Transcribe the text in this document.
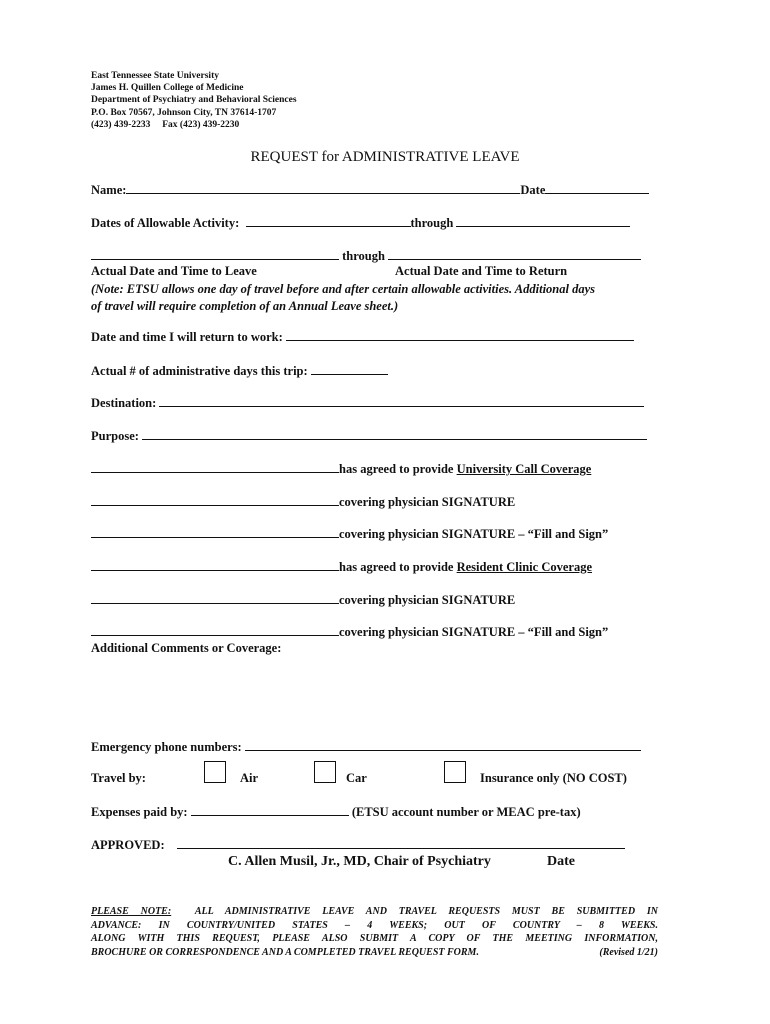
East Tennessee State University
James H. Quillen College of Medicine
Department of Psychiatry and Behavioral Sciences
P.O. Box 70567, Johnson City, TN 37614-1707
(423) 439-2233 Fax (423) 439-2230
REQUEST for ADMINISTRATIVE LEAVE
Name:	Date
Dates of Allowable Activity:	through
through
Actual Date and Time to Leave	Actual Date and Time to Return
(Note: ETSU allows one day of travel before and after certain allowable activities. Additional days
of travel will require completion of an Annual Leave sheet.)
Date and time I will return to work:
Actual # of administrative days this trip:
Destination:
Purpose:
has agreed to provide University Call Coverage
covering physician SIGNATURE
covering physician SIGNATURE – “Fill and Sign”
has agreed to provide Resident Clinic Coverage
covering physician SIGNATURE
covering physician SIGNATURE – “Fill and Sign”
Additional Comments or Coverage:
Emergency phone numbers:
Travel by:	Air	Car	Insurance only (NO COST)
Expenses paid by:	(ETSU account number or MEAC pre-tax)
APPROVED:
C. Allen Musil, Jr., MD, Chair of Psychiatry	Date
PLEASE NOTE: ALL ADMINISTRATIVE LEAVE AND TRAVEL REQUESTS MUST BE SUBMITTED IN
ADVANCE: IN COUNTRY/UNITED STATES – 4 WEEKS; OUT OF COUNTRY – 8 WEEKS.
ALONG WITH THIS REQUEST, PLEASE ALSO SUBMIT A COPY OF THE MEETING INFORMATION,
BROCHURE OR CORRESPONDENCE AND A COMPLETED TRAVEL REQUEST FORM.	(Revised 1/21)
